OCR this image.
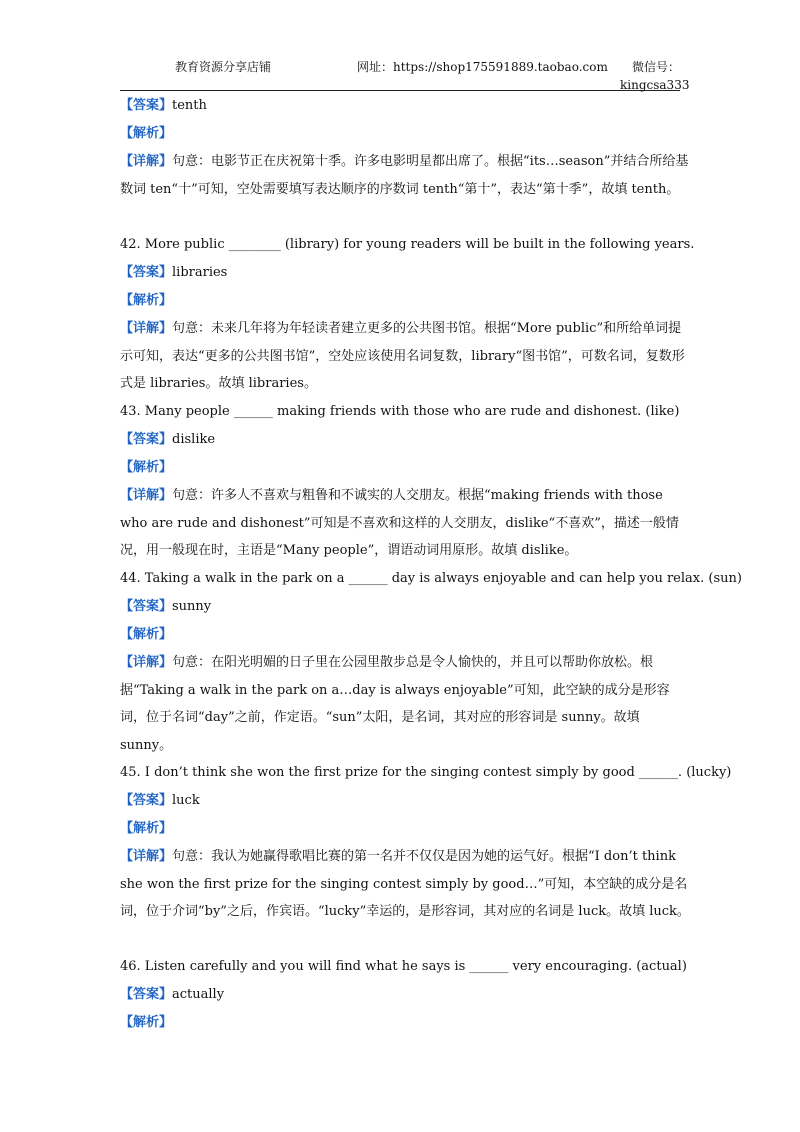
教育资源分享店铺	网址：https://shop175591889.taobao.com	微信号：
kingcsa333
【答案】tenth
【解析】
【详解】句意：电影节正在庆祝第十季。许多电影明星都出席了。根据“its…season”并结合所给基数词 ten“十”可知，空处需要填写表达顺序的序数词 tenth“第十”，表达“第十季”，故填 tenth。
42. More public ________ (library) for young readers will be built in the following years.
【答案】libraries
【解析】
【详解】句意：未来几年将为年轻读者建立更多的公共图书馆。根据“More public”和所给单词提示可知，表达“更多的公共图书馆”，空处应该使用名词复数，library“图书馆”，可数名词，复数形式是 libraries。故填 libraries。
43. Many people ______ making friends with those who are rude and dishonest. (like)
【答案】dislike
【解析】
【详解】句意：许多人不喜欢与粗鲁和不诚实的人交朋友。根据“making friends with those who are rude and dishonest”可知是不喜欢和这样的人交朋友，dislike“不喜欢”，描述一般情况，用一般现在时，主语是“Many people”，谓语动词用原形。故填 dislike。
44. Taking a walk in the park on a ______ day is always enjoyable and can help you relax. (sun)
【答案】sunny
【解析】
【详解】句意：在阳光明媚的日子里在公园里散步总是令人愉快的，并且可以帮助你放松。根据“Taking a walk in the park on a…day is always enjoyable”可知，此空缺的成分是形容词，位于名词“day”之前，作定语。“sun”太阳，是名词，其对应的形容词是 sunny。故填 sunny。
45. I don’t think she won the first prize for the singing contest simply by good ______. (lucky)
【答案】luck
【解析】
【详解】句意：我认为她赢得歌唱比赛的第一名并不仅仅是因为她的运气好。根据“I don’t think she won the first prize for the singing contest simply by good…”可知，本空缺的成分是名词，位于介词“by”之后，作宾语。“lucky”幸运的，是形容词，其对应的名词是 luck。故填 luck。
46. Listen carefully and you will find what he says is ______ very encouraging. (actual)
【答案】actually
【解析】
